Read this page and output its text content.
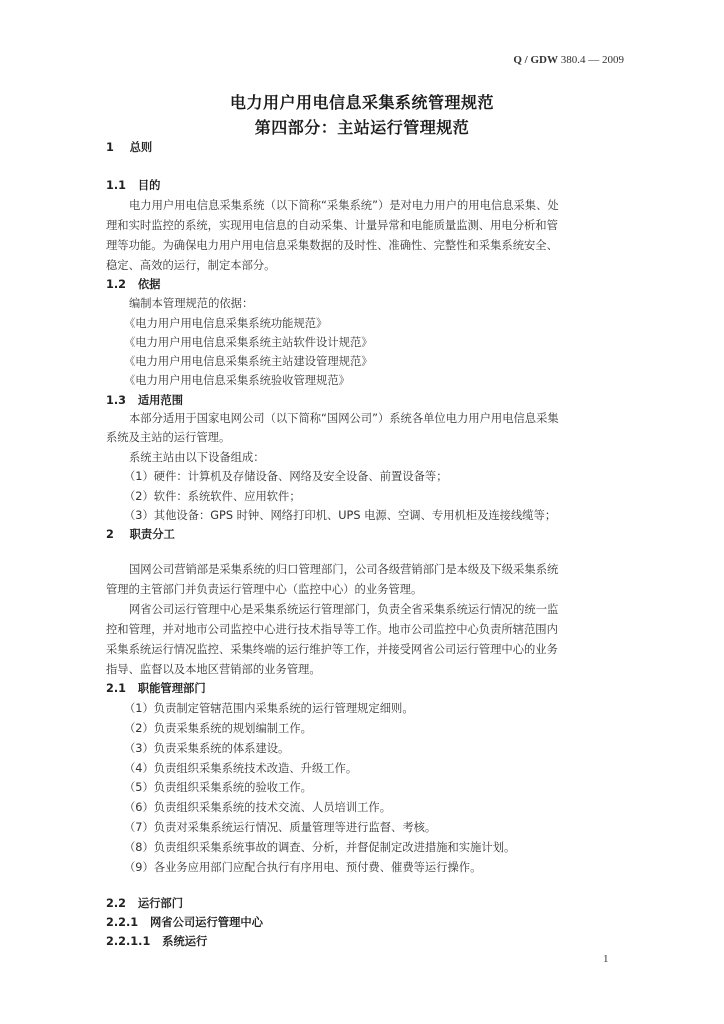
Q / GDW 380.4 — 2009
电力用户用电信息采集系统管理规范
第四部分：主站运行管理规范
1 总则
1.1 目的
电力用户用电信息采集系统（以下简称“采集系统”）是对电力用户的用电信息采集、处
理和实时监控的系统，实现用电信息的自动采集、计量异常和电能质量监测、用电分析和管
理等功能。为确保电力用户用电信息采集数据的及时性、准确性、完整性和采集系统安全、
稳定、高效的运行，制定本部分。
1.2 依据
编制本管理规范的依据：
《电力用户用电信息采集系统功能规范》
《电力用户用电信息采集系统主站软件设计规范》
《电力用户用电信息采集系统主站建设管理规范》
《电力用户用电信息采集系统验收管理规范》
1.3 适用范围
本部分适用于国家电网公司（以下简称“国网公司”）系统各单位电力用户用电信息采集
系统及主站的运行管理。
系统主站由以下设备组成：
（1）硬件：计算机及存储设备、网络及安全设备、前置设备等；
（2）软件：系统软件、应用软件；
（3）其他设备：GPS 时钟、网络打印机、UPS 电源、空调、专用机柜及连接线缆等；
2 职责分工
国网公司营销部是采集系统的归口管理部门，公司各级营销部门是本级及下级采集系统
管理的主管部门并负责运行管理中心（监控中心）的业务管理。
网省公司运行管理中心是采集系统运行管理部门，负责全省采集系统运行情况的统一监
控和管理，并对地市公司监控中心进行技术指导等工作。地市公司监控中心负责所辖范围内
采集系统运行情况监控、采集终端的运行维护等工作，并接受网省公司运行管理中心的业务
指导、监督以及本地区营销部的业务管理。
2.1 职能管理部门
（1）负责制定管辖范围内采集系统的运行管理规定细则。
（2）负责采集系统的规划编制工作。
（3）负责采集系统的体系建设。
（4）负责组织采集系统技术改造、升级工作。
（5）负责组织采集系统的验收工作。
（6）负责组织采集系统的技术交流、人员培训工作。
（7）负责对采集系统运行情况、质量管理等进行监督、考核。
（8）负责组织采集系统事故的调查、分析，并督促制定改进措施和实施计划。
（9）各业务应用部门应配合执行有序用电、预付费、催费等运行操作。
2.2 运行部门
2.2.1 网省公司运行管理中心
2.2.1.1 系统运行
1
